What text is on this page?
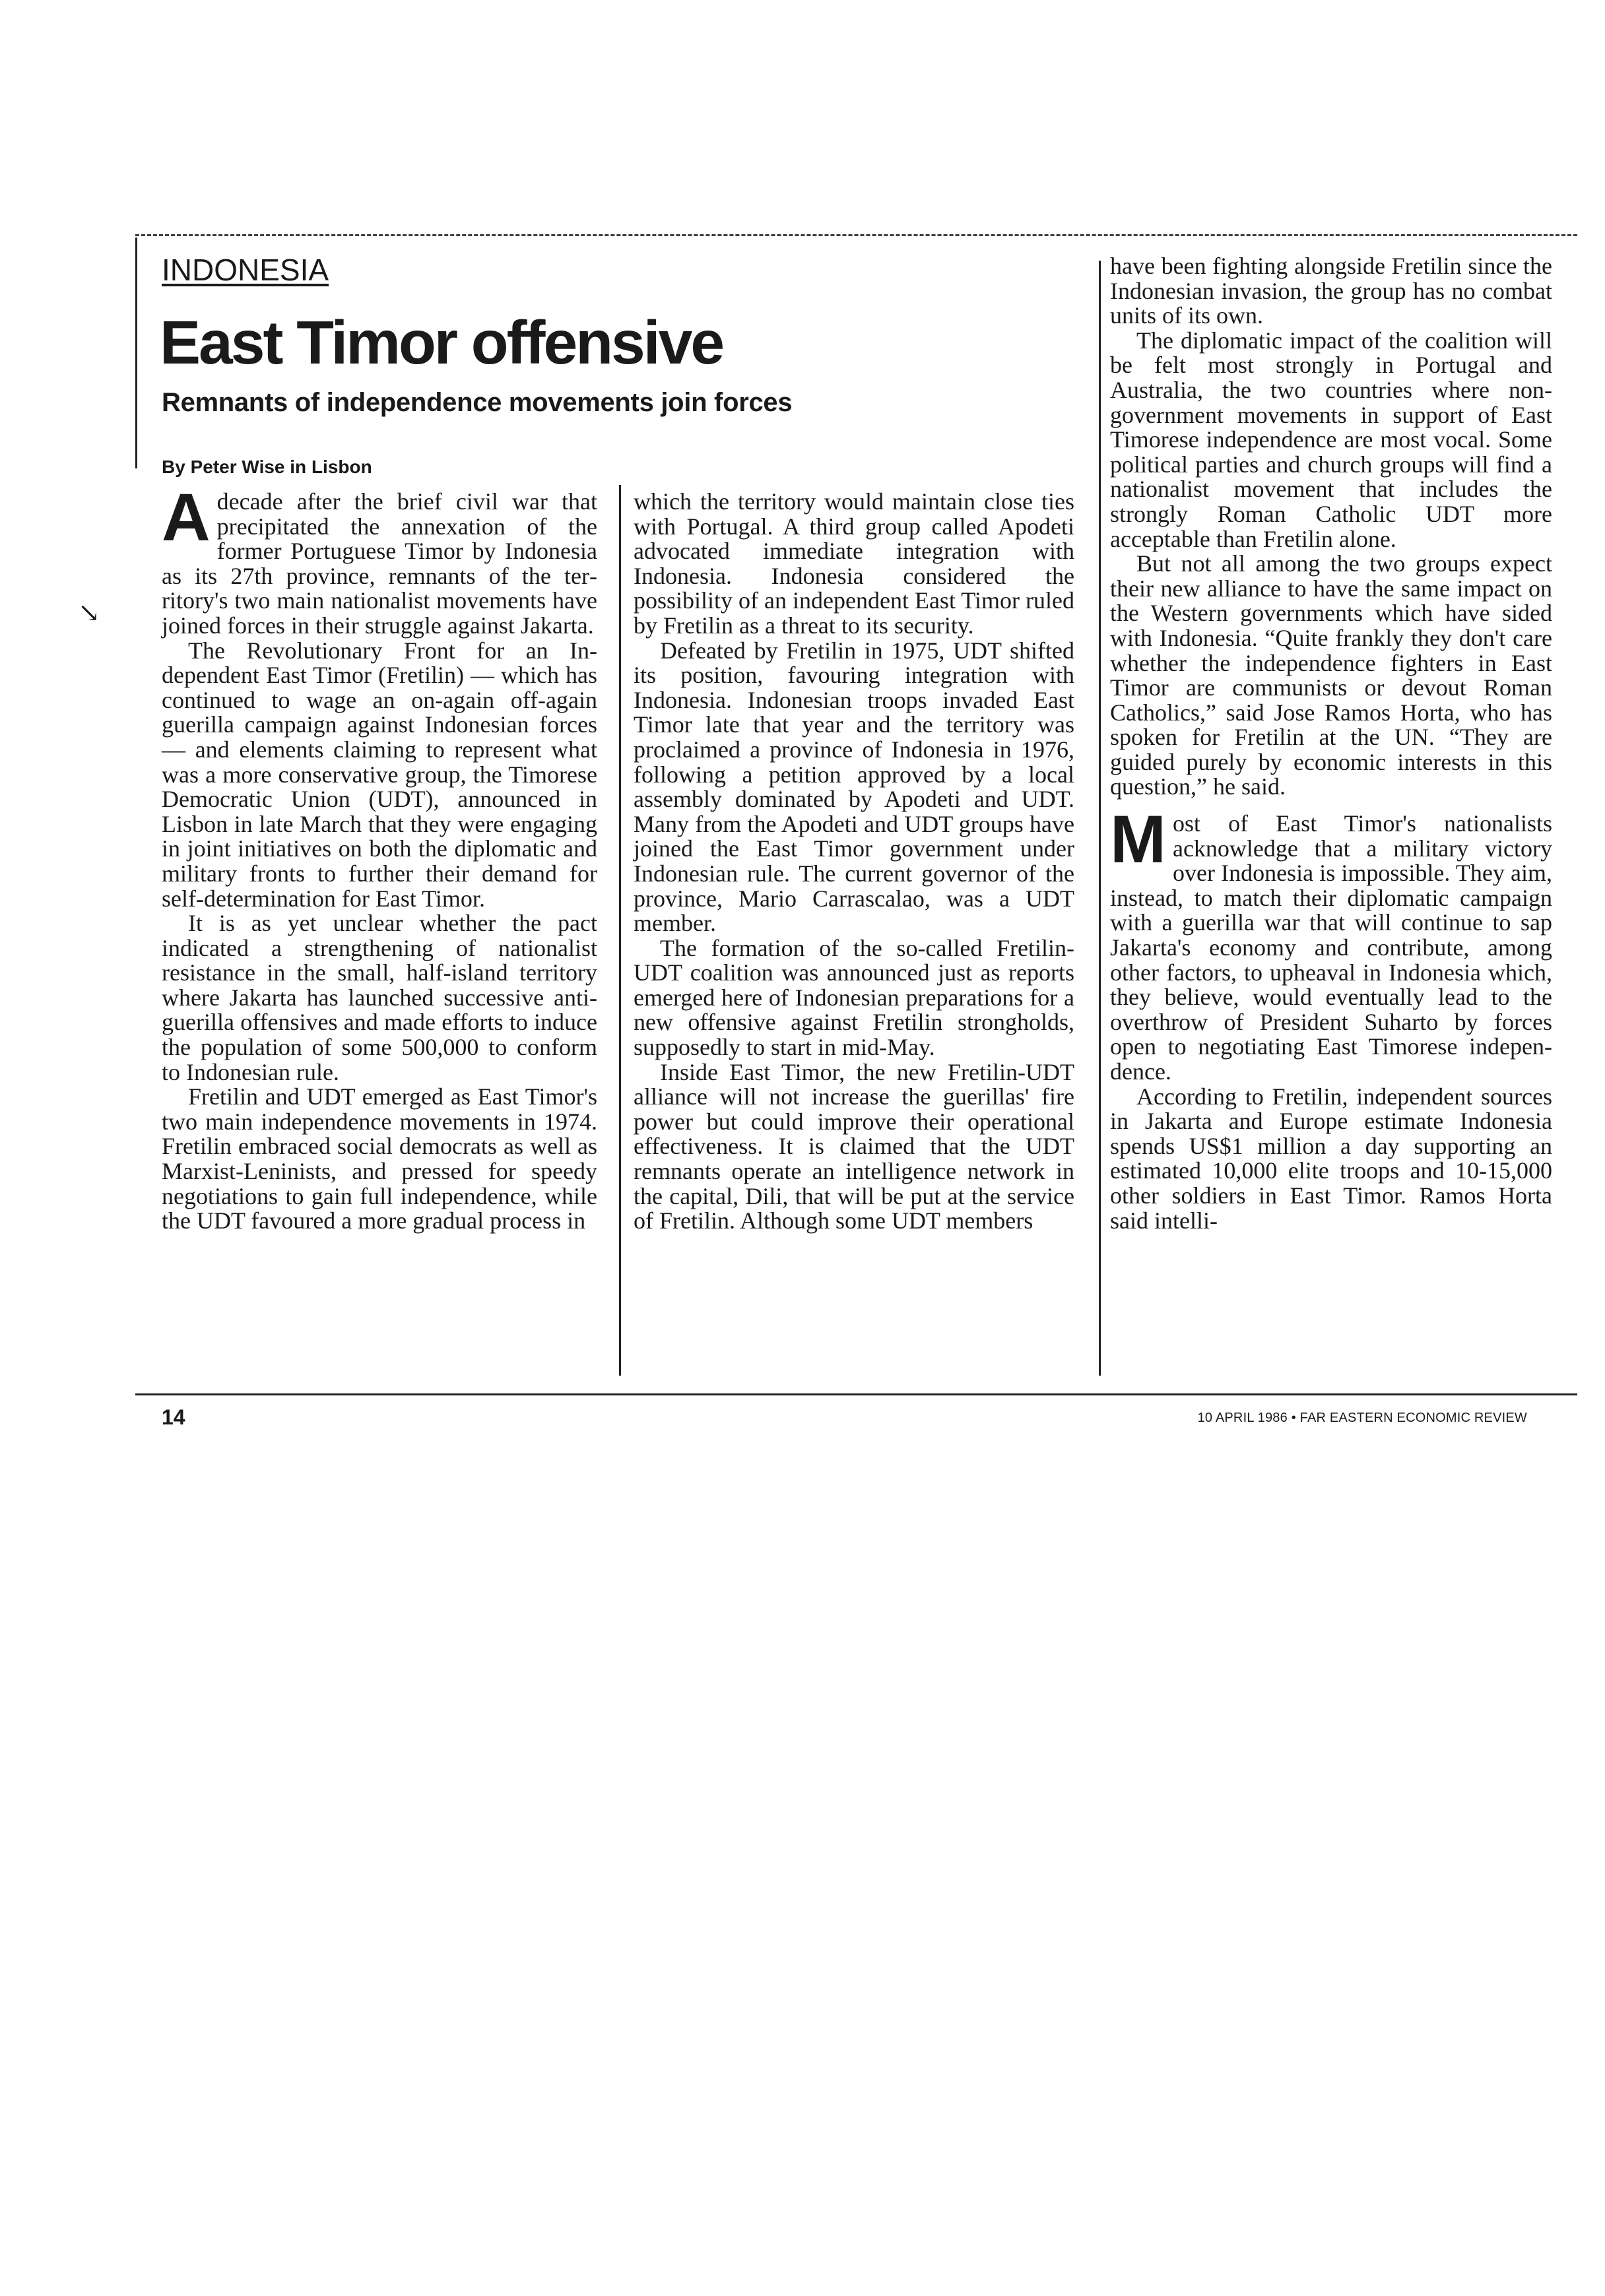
↘
INDONESIA
East Timor offensive
Remnants of independence movements join forces

By Peter Wise in Lisbon

Adecade after the brief civil war that precipitated the annexation of the former Portuguese Timor by Indonesia as its 27th province, remnants of the territory's two main nationalist movements have joined forces in their struggle against Jakarta.

The Revolutionary Front for an Independent East Timor (Fretilin) — which has continued to wage an on-again off-again guerilla campaign against Indonesian forces — and elements claiming to represent what was a more conservative group, the Timorese Democratic Union (UDT), announced in Lisbon in late March that they were engaging in joint initiatives on both the diplomatic and military fronts to further their demand for self-determination for East Timor.

It is as yet unclear whether the pact indicated a strengthening of nationalist resistance in the small, half-island territory where Jakarta has launched successive anti-guerilla offensives and made efforts to induce the population of some 500,000 to conform to Indonesian rule.

Fretilin and UDT emerged as East Timor's two main independence movements in 1974. Fretilin embraced social democrats as well as Marxist-Leninists, and pressed for speedy negotiations to gain full independence, while the UDT favoured a more gradual process in

which the territory would maintain close ties with Portugal. A third group called Apodeti advocated immediate integration with Indonesia. Indonesia considered the possibility of an independent East Timor ruled by Fretilin as a threat to its security.

Defeated by Fretilin in 1975, UDT shifted its position, favouring integration with Indonesia. Indonesian troops invaded East Timor late that year and the territory was proclaimed a province of Indonesia in 1976, following a petition approved by a local assembly dominated by Apodeti and UDT. Many from the Apodeti and UDT groups have joined the East Timor government under Indonesian rule. The current governor of the province, Mario Carrascalao, was a UDT member.

The formation of the so-called Fretilin-UDT coalition was announced just as reports emerged here of Indonesian preparations for a new offensive against Fretilin strongholds, supposedly to start in mid-May.

Inside East Timor, the new Fretilin-UDT alliance will not increase the guerillas' fire power but could improve their operational effectiveness. It is claimed that the UDT remnants operate an intelligence network in the capital, Dili, that will be put at the service of Fretilin. Although some UDT members

have been fighting alongside Fretilin since the Indonesian invasion, the group has no combat units of its own.

The diplomatic impact of the coalition will be felt most strongly in Portugal and Australia, the two countries where non-government movements in support of East Timorese independence are most vocal. Some political parties and church groups will find a nationalist movement that includes the strongly Roman Catholic UDT more acceptable than Fretilin alone.

But not all among the two groups expect their new alliance to have the same impact on the Western governments which have sided with Indonesia. “Quite frankly they don't care whether the independence fighters in East Timor are communists or devout Roman Catholics,” said Jose Ramos Horta, who has spoken for Fretilin at the UN. “They are guided purely by economic interests in this question,” he said.

Most of East Timor's nationalists acknowledge that a military victory over Indonesia is impossible. They aim, instead, to match their diplomatic campaign with a guerilla war that will continue to sap Jakarta's economy and contribute, among other factors, to upheaval in Indonesia which, they believe, would eventually lead to the overthrow of President Suharto by forces open to negotiating East Timorese independence.

According to Fretilin, independent sources in Jakarta and Europe estimate Indonesia spends US$1 million a day supporting an estimated 10,000 elite troops and 10-15,000 other soldiers in East Timor. Ramos Horta said intelli-

14	10 APRIL 1986 • FAR EASTERN ECONOMIC REVIEW
